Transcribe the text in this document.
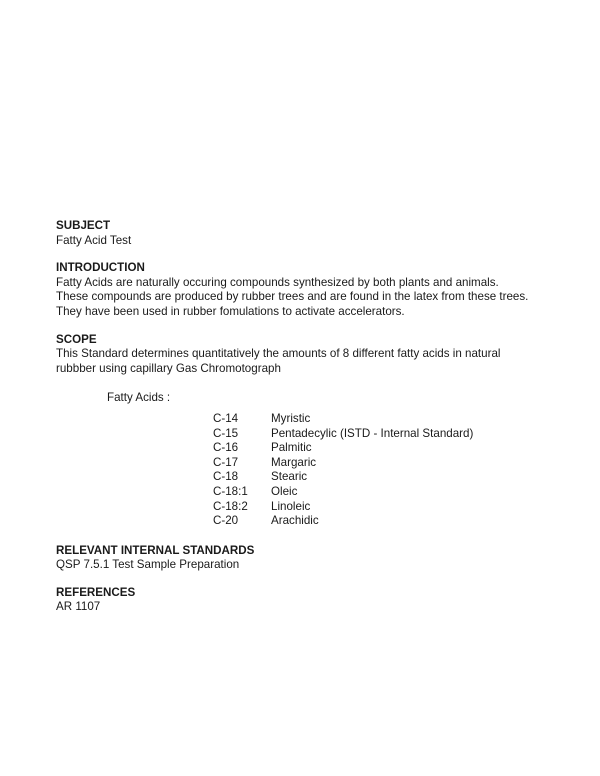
SUBJECT

Fatty Acid Test

INTRODUCTION

Fatty Acids are naturally occuring compounds synthesized by both plants and animals.

These compounds are produced by rubber trees and are found in the latex from these trees.

They have been used in rubber fomulations to activate accelerators.

SCOPE

This Standard determines quantitatively the amounts of 8 different fatty acids in natural

rubbber using capillary Gas Chromotograph

Fatty Acids :

C-14	Myristic
C-15	Pentadecylic (ISTD - Internal Standard)
C-16	Palmitic
C-17	Margaric
C-18	Stearic
C-18:1	Oleic
C-18:2	Linoleic
C-20	Arachidic

RELEVANT INTERNAL STANDARDS

QSP 7.5.1 Test Sample Preparation

REFERENCES

AR 1107
